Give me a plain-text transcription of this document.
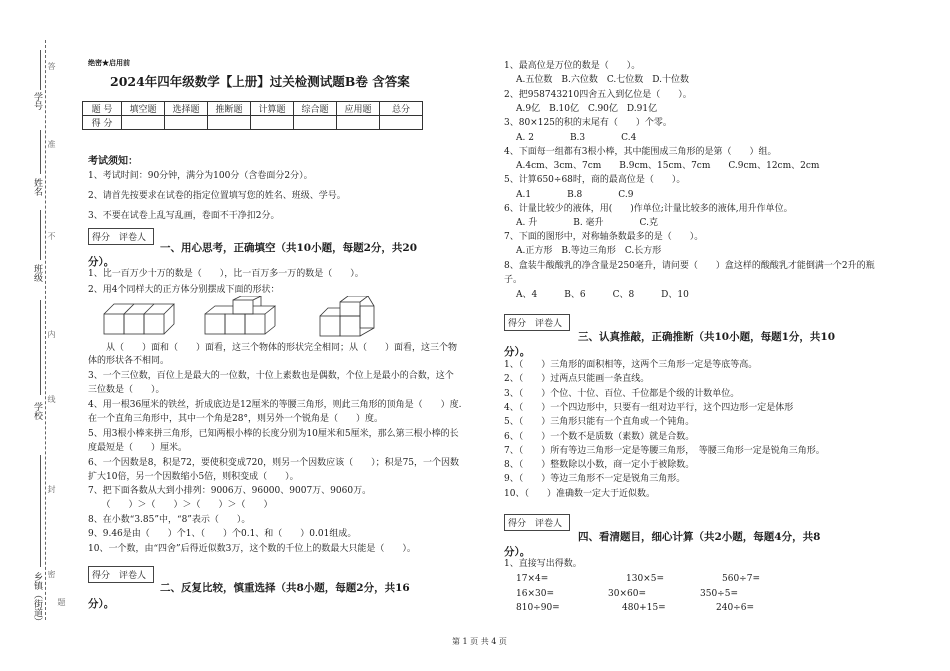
学号
姓名
班级
学校
乡镇（街道）
答
准
不
内
线
封
密
题
绝密★启用前
2024年四年级数学【上册】过关检测试题B卷 含答案
题 号	填空题	选择题	推断题	计算题	综合题	应用题	总分
得 分							
考试须知：
1、考试时间：90分钟，满分为100分（含卷面分2分）。
2、请首先按要求在试卷的指定位置填写您的姓名、班级、学号。
3、不要在试卷上乱写乱画，卷面不干净扣2分。
得分 评卷人
一、用心思考，正确填空（共10小题，每题2分，共20
分）。
1、比一百万少十万的数是（　　），比一百万多一万的数是（　　）。
2、用4个同样大的正方体分别摆成下面的形状：
　　从（　　）面和（　　）面看，这三个物体的形状完全相同；从（　　）面看，这三个物
体的形状各不相同。
3、一个三位数，百位上是最大的一位数，十位上素数也是偶数，个位上是最小的合数，这个
三位数是（　　）。
4、用一根36厘米的铁丝，折成底边是12厘米的等腰三角形，则此三角形的顶角是（　　）度.
在一个直角三角形中，其中一个角是28°，则另外一个锐角是（　　）度。
5、用3根小棒来拼三角形，已知两根小棒的长度分别为10厘米和5厘米，那么第三根小棒的长
度最短是（　　）厘米。
6、一个因数是8，积是72，要使积变成720，则另一个因数应该（　　）；积是75，一个因数
扩大10倍，另一个因数缩小5倍，则积变成（　　）。
7、把下面各数从大到小排列：9006万、96000、9007万、9060万。
　　（　　）＞（　　）＞（　　）＞（　　）
8、在小数“3.85”中，“8”表示（　　）。
9、9.46是由（　　）个1、（　　）个0.1、和（　　）0.01组成。
10、一个数，由“四舍”后得近似数3万，这个数的千位上的数最大只能是（　　）。
得分 评卷人
二、反复比较，慎重选择（共8小题，每题2分，共16
分）。
1、最高位是万位的数是（　　）。
A.五位数　B.六位数　C.七位数　D.十位数
2、把958743210四舍五入到亿位是（　　）。
A.9亿　B.10亿　C.90亿　D.91亿
3、80×125的积的末尾有（　　）个零。
A. 2　　　　B.3　　　　C.4
4、下面每一组都有3根小棒，其中能围成三角形的是第（　　）组。
A.4cm、3cm、7cm　　B.9cm、15cm、7cm　　C.9cm、12cm、2cm
5、计算650÷68时，商的最高位是（　　）。
A.1　　　　B.8　　　　C.9
6、计量比较少的液体，用(　　)作单位;计量比较多的液体,用升作单位。
A. 升　　　　B. 毫升　　　　C.克
7、下面的图形中，对称轴条数最多的是（　　）。
A.正方形　B.等边三角形　C.长方形
8、盒装牛酸酸乳的净含量是250毫升，请问要（　　）盒这样的酸酸乳才能倒满一个2升的瓶
子。
A、4　　　B、6　　　C、8　　　D、10
得分 评卷人
三、认真推敲，正确推断（共10小题，每题1分，共10
分）。
1、（　　）三角形的面积相等，这两个三角形一定是等底等高。
2、（　　）过两点只能画一条直线。
3、（　　）个位、十位、百位、千位都是个级的计数单位。
4、（　　）一个四边形中，只要有一组对边平行，这个四边形一定是体形
5、（　　）三角形只能有一个直角或一个钝角。
6、（　　）一个数不是质数（素数）就是合数。
7、（　　）所有等边三角形一定是等腰三角形，　等腰三角形一定是锐角三角形。
8、（　　）整数除以小数，商一定小于被除数。
9、（　　）等边三角形不一定是锐角三角形。
10、（　　）准确数一定大于近似数。
得分 评卷人
四、看清题目，细心计算（共2小题，每题4分，共8
分）。
1、直接写出得数。
17×4=	130×5=	560÷7=
16×30=	30×60=	350÷5=
810÷90=	480+15=	240÷6=
第 1 页 共 4 页
